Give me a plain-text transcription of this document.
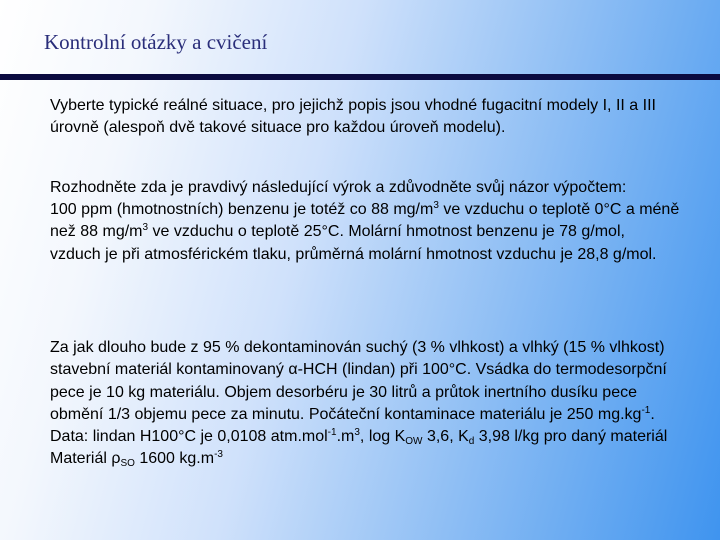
Kontrolní otázky a cvičení
Vyberte typické reálné situace, pro jejichž popis jsou vhodné fugacitní modely I, II a III úrovně (alespoň dvě takové situace pro každou úroveň modelu).
Rozhodněte zda je pravdivý následující výrok a zdůvodněte svůj názor výpočtem:
100 ppm (hmotnostních) benzenu je totéž co 88 $mg/m^3$ ve vzduchu o teplotě 0°C a méně než 88 $mg/m^3$ ve vzduchu o teplotě 25°C. Molární hmotnost benzenu je 78 g/mol, vzduch je při atmosférickém tlaku, průměrná molární hmotnost vzduchu je 28,8 g/mol.
Za jak dlouho bude z 95 % dekontaminován suchý (3 % vlhkost) a vlhký (15 % vlhkost) stavební materiál kontaminovaný α-HCH (lindan) při 100°C. Vsádka do termodesorpční pece je 10 kg materiálu. Objem desorbéru je 30 litrů a průtok inertního dusíku pece obmění 1/3 objemu pece za minutu. Počáteční kontaminace materiálu je 250 $mg.kg^{-1}$.
Data: lindan H100°C je 0,0108 $atm.mol^{-1}.m^3$, $\log K_{OW}$ 3,6, $K_d$ 3,98 l/kg pro daný materiál
Materiál $\rho_{SO}$ 1600 $kg.m^{-3}$
